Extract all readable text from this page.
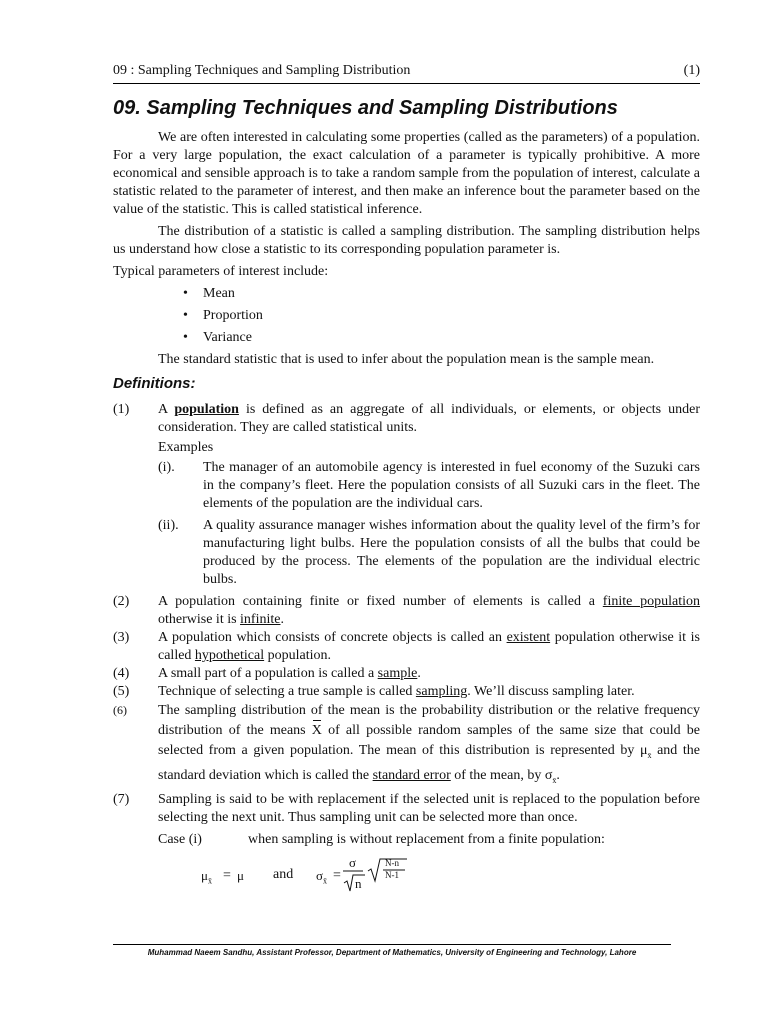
09 : Sampling Techniques and Sampling Distribution	(1)
09. Sampling Techniques and Sampling Distributions

We are often interested in calculating some properties (called as the parameters) of a population. For a very large population, the exact calculation of a parameter is typically prohibitive. A more economical and sensible approach is to take a random sample from the population of interest, calculate a statistic related to the parameter of interest, and then make an inference bout the parameter based on the value of the statistic. This is called statistical inference.

The distribution of a statistic is called a sampling distribution. The sampling distribution helps us understand how close a statistic to its corresponding population parameter is.

Typical parameters of interest include:

• Mean
• Proportion
• Variance

The standard statistic that is used to infer about the population mean is the sample mean.

Definitions:
(1)	A population is defined as an aggregate of all individuals, or elements, or objects under consideration. They are called statistical units.
Examples
(i).	The manager of an automobile agency is interested in fuel economy of the Suzuki cars in the company’s fleet. Here the population consists of all Suzuki cars in the fleet. The elements of the population are the individual cars.
(ii).	A quality assurance manager wishes information about the quality level of the firm’s for manufacturing light bulbs. Here the population consists of all the bulbs that could be produced by the process. The elements of the population are the individual electric bulbs.
(2)	A population containing finite or fixed number of elements is called a finite population otherwise it is infinite.
(3)	A population which consists of concrete objects is called an existent population otherwise it is called hypothetical population.
(4)	A small part of a population is called a sample.
(5)	Technique of selecting a true sample is called sampling. We’ll discuss sampling later.
(6)	The sampling distribution of the mean is the probability distribution or the relative frequency distribution of the means X of all possible random samples of the same size that could be selected from a given population. The mean of this distribution is represented by $\mu_{x̄}$ and the standard deviation which is called the standard error of the mean, by $\sigma_{x̄}$.
(7)	Sampling is said to be with replacement if the selected unit is replaced to the population before selecting the next unit. Thus sampling unit can be selected more than once.
Case (i)	when sampling is without replacement from a finite population:
$\mu_{x̄} = \mu$ and $\sigma_{x̄}$ =
σ
n
N-n
N-1
Muhammad Naeem Sandhu, Assistant Professor, Department of Mathematics, University of Engineering and Technology, Lahore
